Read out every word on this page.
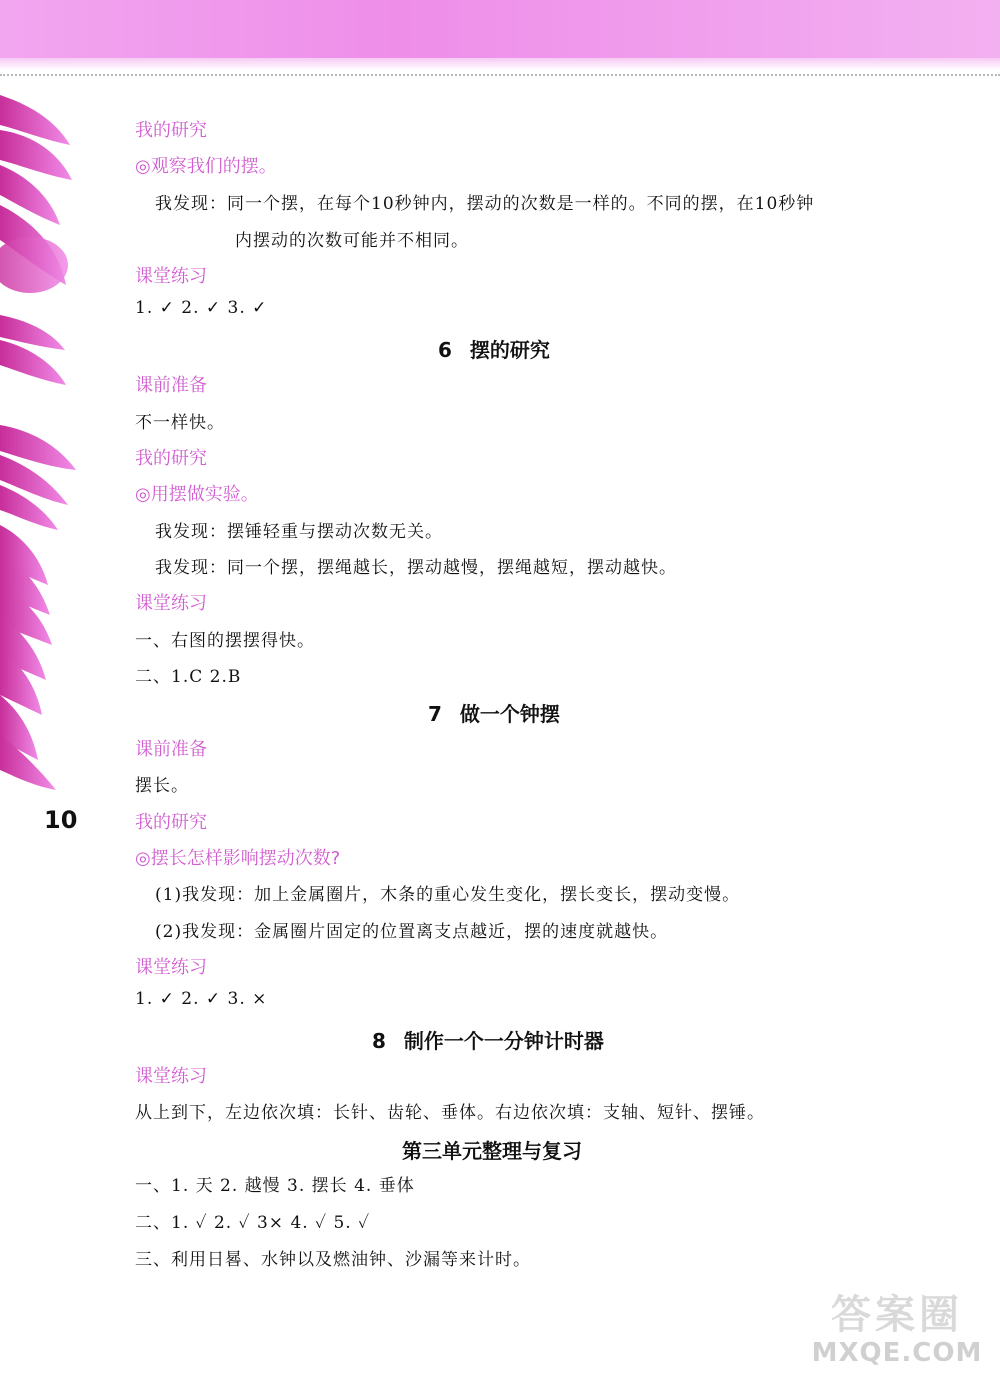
10
我的研究
◎观察我们的摆。
我发现：同一个摆，在每个10秒钟内，摆动的次数是一样的。不同的摆，在10秒钟
内摆动的次数可能并不相同。
课堂练习
1. ✓ 2. ✓ 3. ✓
6 摆的研究
课前准备
不一样快。
我的研究
◎用摆做实验。
我发现：摆锤轻重与摆动次数无关。
我发现：同一个摆，摆绳越长，摆动越慢，摆绳越短，摆动越快。
课堂练习
一、右图的摆摆得快。
二、1.C 2.B
7 做一个钟摆
课前准备
摆长。
我的研究
◎摆长怎样影响摆动次数?
(1)我发现：加上金属圈片，木条的重心发生变化，摆长变长，摆动变慢。
(2)我发现：金属圈片固定的位置离支点越近，摆的速度就越快。
课堂练习
1. ✓ 2. ✓ 3. ×
8 制作一个一分钟计时器
课堂练习
从上到下，左边依次填：长针、齿轮、垂体。右边依次填：支轴、短针、摆锤。
第三单元整理与复习
一、1. 天 2. 越慢 3. 摆长 4. 垂体
二、1. ✓ 2. ✓ 3× 4. ✓ 5. ✓
三、利用日晷、水钟以及燃油钟、沙漏等来计时。
答案圈
MXQE.COM
